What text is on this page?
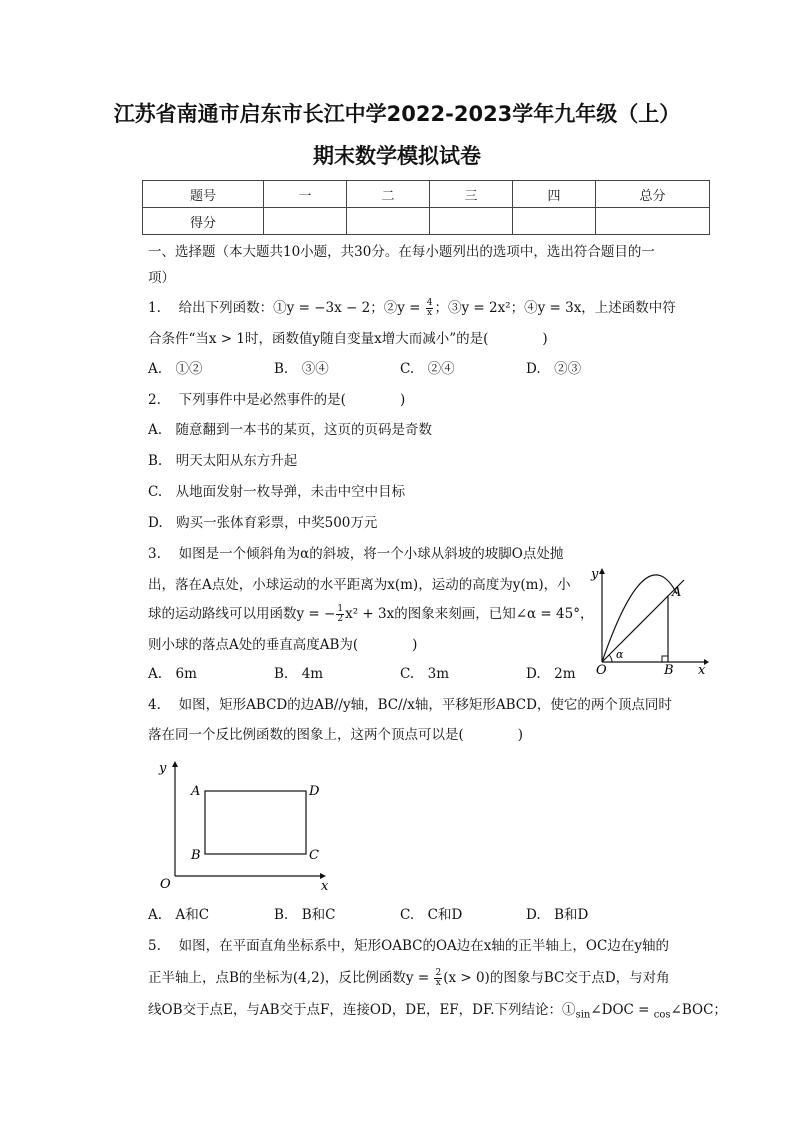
江苏省南通市启东市长江中学2022-2023学年九年级（上）
期末数学模拟试卷
题号	一	二	三	四	总分
得分					
一、选择题（本大题共10小题，共30分。在每小题列出的选项中，选出符合题目的一
项）
1.　 给出下列函数：①y = −3x − 2；②y = $\frac{4}{x}$ ；③y = 2x²；④y = 3x，上述函数中符
合条件“当x > 1时，函数值y随自变量x增大而减小”的是(　　　　)
A.　①②	B.　③④	C.　②④	D.　②③
2.　 下列事件中是必然事件的是(　　　　)
A.　随意翻到一本书的某页，这页的页码是奇数
B.　明天太阳从东方升起
C.　从地面发射一枚导弹，未击中空中目标
D.　购买一张体育彩票，中奖500万元
3.　 如图是一个倾斜角为α的斜坡，将一个小球从斜坡的坡脚O点处抛
出，落在A点处，小球运动的水平距离为x(m)，运动的高度为y(m)，小
球的运动路线可以用函数y = − $\frac{1}{2} x^2 + 3x$的图象来刻画，已知∠α = 45°，
则小球的落点A处的垂直高度AB为(　　　　)
A.　6m	B.　4m	C.　3m	D.　2m
y
A
O
α
B x
4.　 如图，矩形ABCD的边AB//y轴，BC//x轴，平移矩形ABCD，使它的两个顶点同时
落在同一个反比例函数的图象上，这两个顶点可以是(　　　　)
y
A	D
B	C
O	x
A.　A和C	B.　B和C	C.　C和D	D.　B和D
5.　 如图，在平面直角坐标系中，矩形OABC的OA边在x轴的正半轴上，OC边在y轴的
正半轴上，点B的坐标为(4,2)，反比例函数$y = \frac{2}{x} (x > 0)$的图象与BC交于点D，与对角
线OB交于点E，与AB交于点F，连接OD，DE，EF，DF.下列结论：$①_{sin}\angle DOC$ = $_{cos}$∠BOC；
